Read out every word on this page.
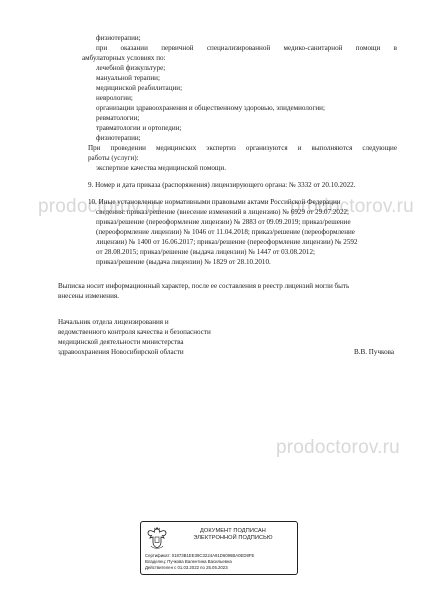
prodoctorov.ru	prodoctorov.ru
prodoctorov.ru
физиотерапии;
при оказании первичной специализированной медико-санитарной помощи в
амбулаторных условиях по:
лечебной физкультуре;
мануальной терапии;
медицинской реабилитации;
неврологии;
организации здравоохранения и общественному здоровью, эпидемиологии;
ревматологии;
травматологии и ортопедии;
физиотерапии;
При проведении медицинских экспертиз организуются и выполняются следующие
работы (услуги):
экспертизе качества медицинской помощи.
9. Номер и дата приказа (распоряжения) лицензирующего органа: № 3332 от 20.10.2022.
10. Иные установленные нормативными правовыми актами Российской Федерации
сведения: приказ/решение (внесение изменений в лицензию) № 6929 от 29.07.2022;
приказ/решение (переоформление лицензии) № 2883 от 09.09.2019; приказ/решение
(переоформление лицензии) № 1046 от 11.04.2018; приказ/решение (переоформление
лицензии) № 1400 от 16.06.2017; приказ/решение (переоформление лицензии) № 2592
от 28.08.2015; приказ/решение (выдача лицензии) № 1447 от 03.08.2012;
приказ/решение (выдача лицензии) № 1829 от 28.10.2010.
Выписка носит информационный характер, после ее составления в реестр лицензий могли быть
внесены изменения.
Начальник отдела лицензирования и
ведомственного контроля качества и безопасности
медицинской деятельности министерства
здравоохранения Новосибирской области	В.В. Пучкова
ДОКУМЕНТ ПОДПИСАН
ЭЛЕКТРОННОЙ ПОДПИСЬЮ
Сертификат: 01873B1EE39C3224A91D6096BA0ED8FE
Владелец: Пучкова Валентина Васильевна
Действителен с 01.03.2022 по 25.05.2023
